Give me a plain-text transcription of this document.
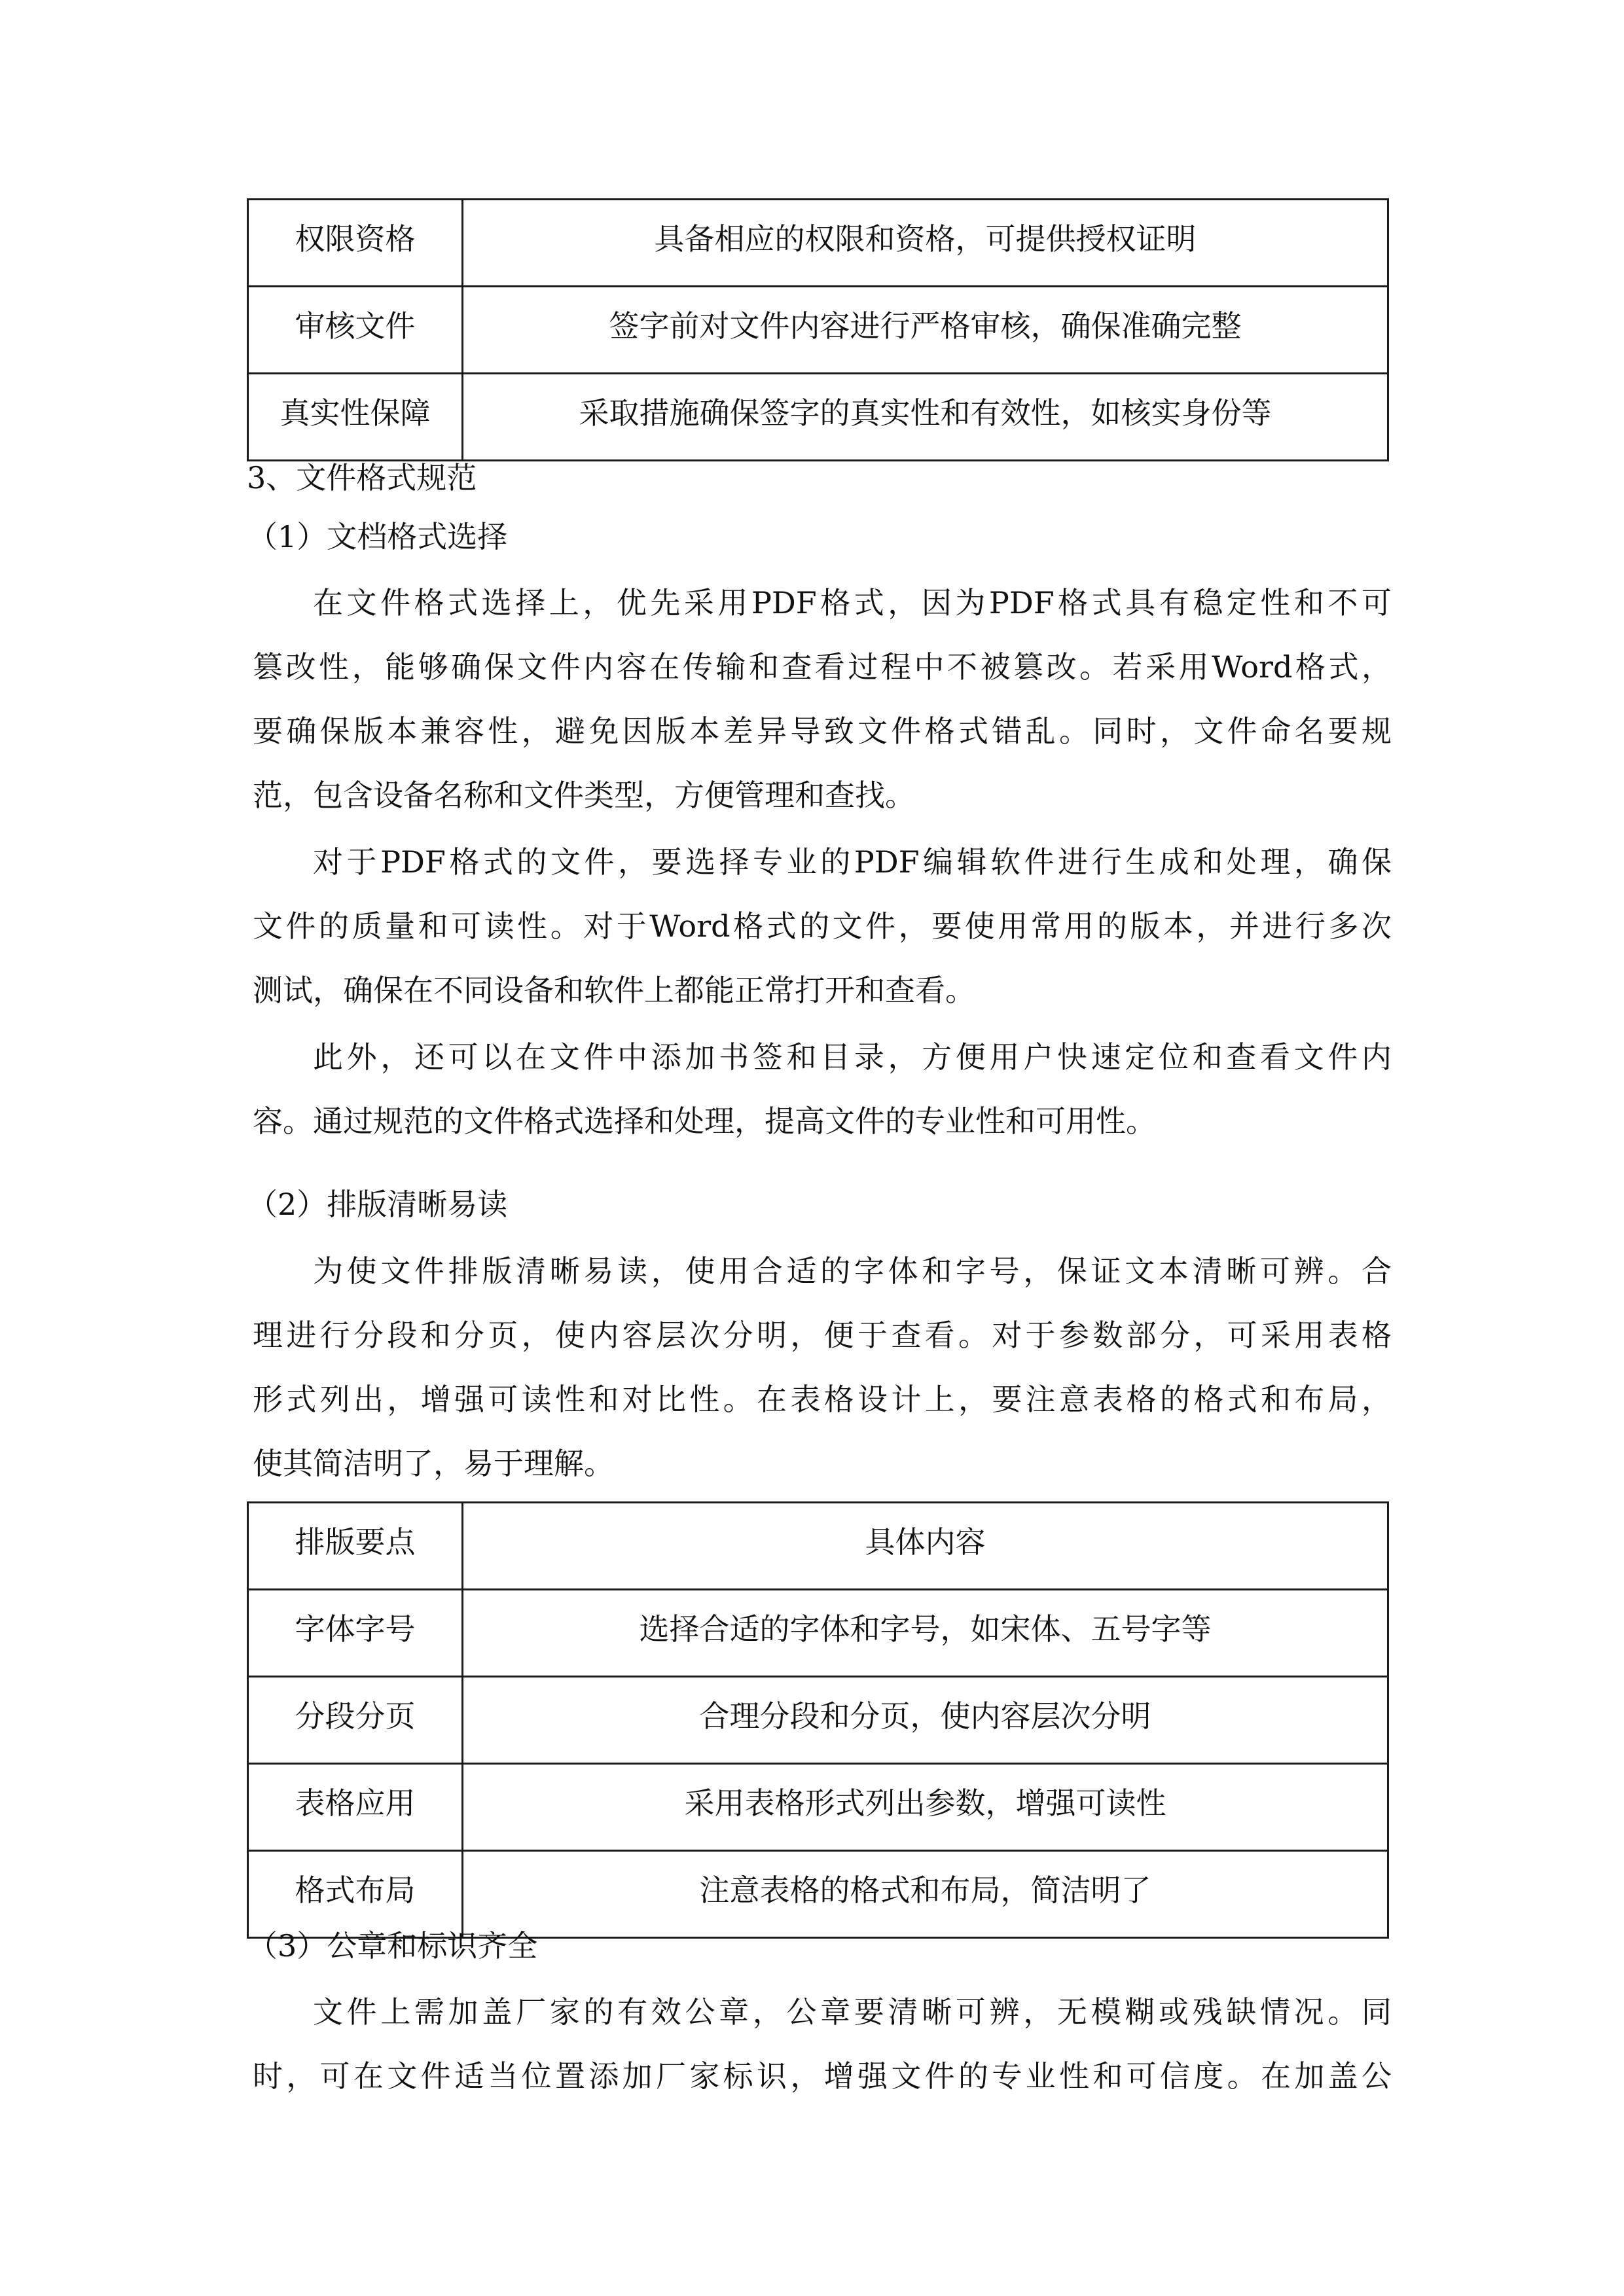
权限资格	具备相应的权限和资格，可提供授权证明
审核文件	签字前对文件内容进行严格审核，确保准确完整
真实性保障	采取措施确保签字的真实性和有效性，如核实身份等
3、文件格式规范
（1）文档格式选择
在文件格式选择上，优先采用PDF格式，因为PDF格式具有稳定性和不可
篡改性，能够确保文件内容在传输和查看过程中不被篡改。若采用Word格式，
要确保版本兼容性，避免因版本差异导致文件格式错乱。同时，文件命名要规
范，包含设备名称和文件类型，方便管理和查找。
对于PDF格式的文件，要选择专业的PDF编辑软件进行生成和处理，确保
文件的质量和可读性。对于Word格式的文件，要使用常用的版本，并进行多次
测试，确保在不同设备和软件上都能正常打开和查看。
此外，还可以在文件中添加书签和目录，方便用户快速定位和查看文件内
容。通过规范的文件格式选择和处理，提高文件的专业性和可用性。
（2）排版清晰易读
为使文件排版清晰易读，使用合适的字体和字号，保证文本清晰可辨。合
理进行分段和分页，使内容层次分明，便于查看。对于参数部分，可采用表格
形式列出，增强可读性和对比性。在表格设计上，要注意表格的格式和布局，
使其简洁明了，易于理解。
排版要点	具体内容
字体字号	选择合适的字体和字号，如宋体、五号字等
分段分页	合理分段和分页，使内容层次分明
表格应用	采用表格形式列出参数，增强可读性
格式布局	注意表格的格式和布局，简洁明了
（3）公章和标识齐全
文件上需加盖厂家的有效公章，公章要清晰可辨，无模糊或残缺情况。同
时，可在文件适当位置添加厂家标识，增强文件的专业性和可信度。在加盖公
